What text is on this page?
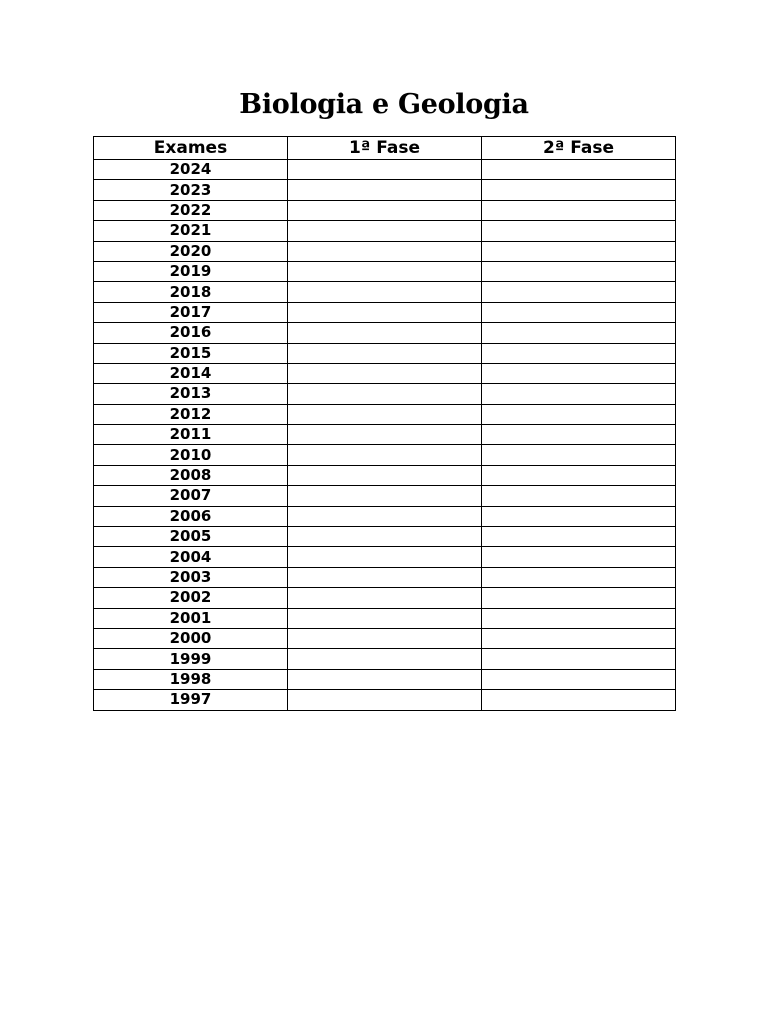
Biologia e Geologia
Exames	1ª Fase	2ª Fase
2024		
2023		
2022		
2021		
2020		
2019		
2018		
2017		
2016		
2015		
2014		
2013		
2012		
2011		
2010		
2008		
2007		
2006		
2005		
2004		
2003		
2002		
2001		
2000		
1999		
1998		
1997		
